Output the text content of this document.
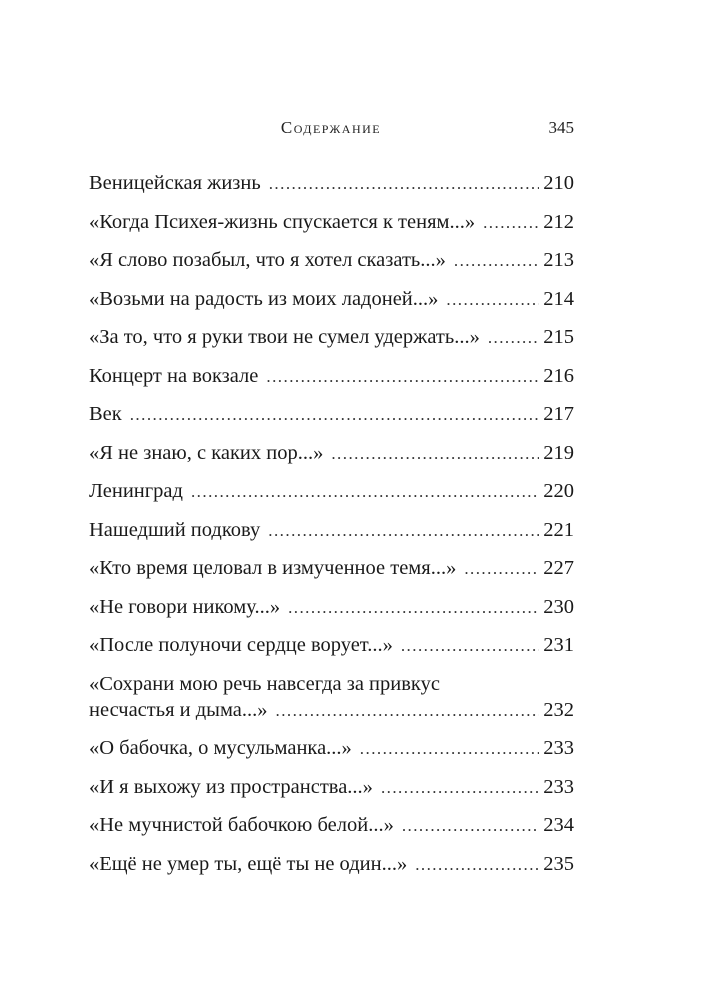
Содержание	345
Веницейская жизнь . . .	210
«Когда Психея-жизнь спускается к теням...» . . .	212
«Я слово позабыл, что я хотел сказать...» . . .	213
«Возьми на радость из моих ладоней...» . . .	214
«За то, что я руки твои не сумел удержать...» . . .	215
Концерт на вокзале . . .	216
Век . . .	217
«Я не знаю, с каких пор...» . . .	219
Ленинград . . .	220
Нашедший подкову . . .	221
«Кто время целовал в измученное темя...» . . .	227
«Не говори никому...» . . .	230
«После полуночи сердце ворует...» . . .	231
«Сохрани мою речь навсегда за привкус
несчастья и дыма...» . . .	232
«О бабочка, о мусульманка...» . . .	233
«И я выхожу из пространства...» . . .	233
«Не мучнистой бабочкою белой...» . . .	234
«Ещё не умер ты, ещё ты не один...» . . .	235
